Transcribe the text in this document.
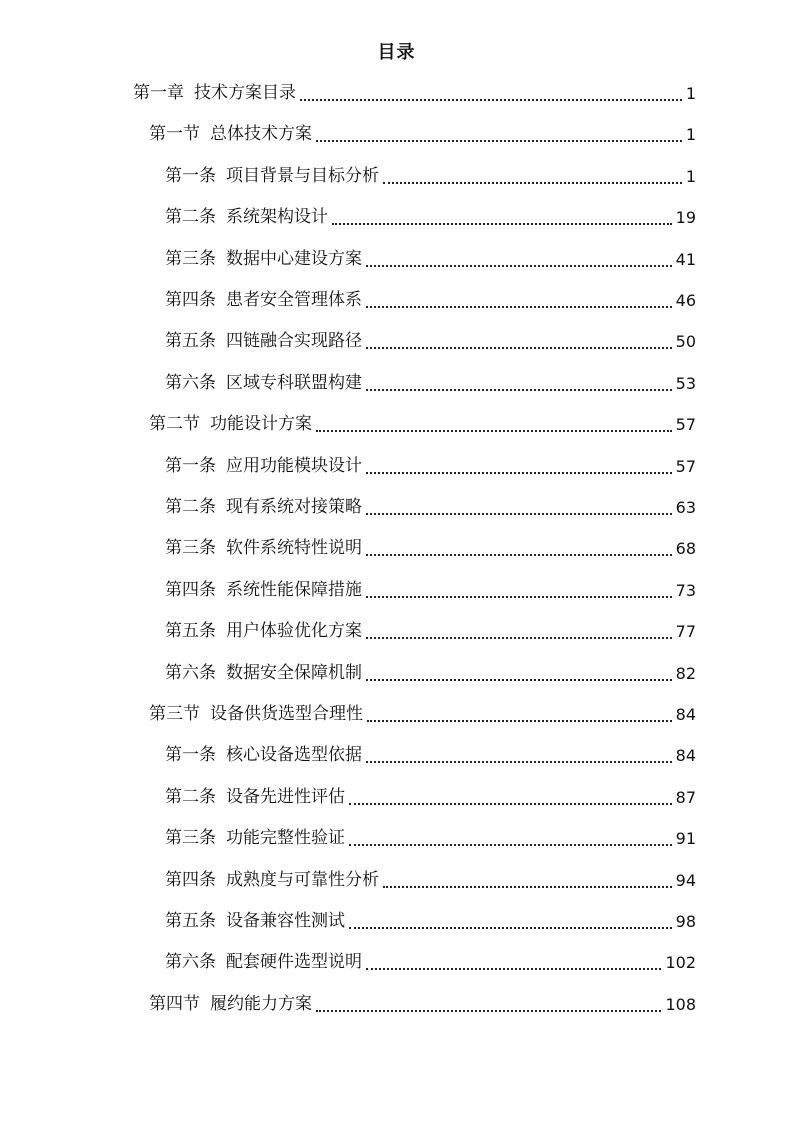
目录
第一章 技术方案目录	1
第一节 总体技术方案	1
第一条 项目背景与目标分析	1
第二条 系统架构设计	19
第三条 数据中心建设方案	41
第四条 患者安全管理体系	46
第五条 四链融合实现路径	50
第六条 区域专科联盟构建	53
第二节 功能设计方案	57
第一条 应用功能模块设计	57
第二条 现有系统对接策略	63
第三条 软件系统特性说明	68
第四条 系统性能保障措施	73
第五条 用户体验优化方案	77
第六条 数据安全保障机制	82
第三节 设备供货选型合理性	84
第一条 核心设备选型依据	84
第二条 设备先进性评估	87
第三条 功能完整性验证	91
第四条 成熟度与可靠性分析	94
第五条 设备兼容性测试	98
第六条 配套硬件选型说明	102
第四节 履约能力方案	108
